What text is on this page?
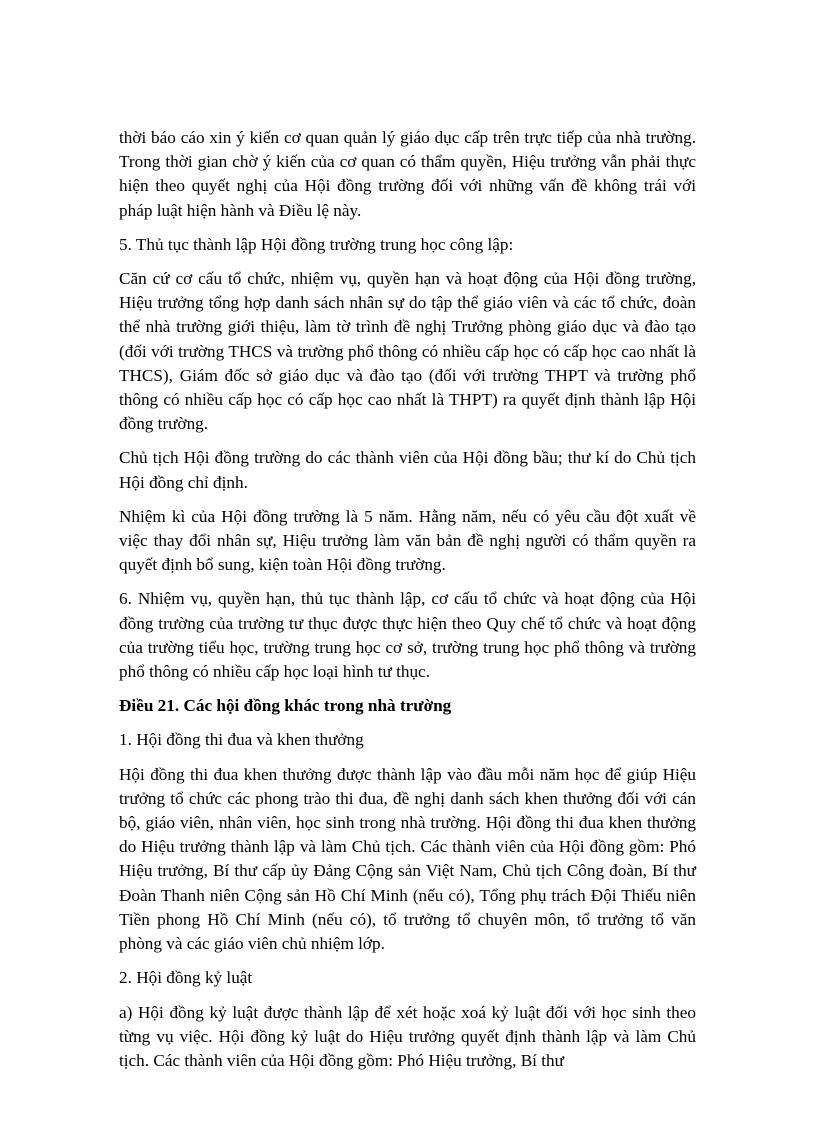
thời báo cáo xin ý kiến cơ quan quản lý giáo dục cấp trên trực tiếp của nhà trường. Trong thời gian chờ ý kiến của cơ quan có thẩm quyền, Hiệu trưởng vẫn phải thực hiện theo quyết nghị của Hội đồng trường đối với những vấn đề không trái với pháp luật hiện hành và Điều lệ này.

5. Thủ tục thành lập Hội đồng trường trung học công lập:

Căn cứ cơ cấu tổ chức, nhiệm vụ, quyền hạn và hoạt động của Hội đồng trường, Hiệu trưởng tổng hợp danh sách nhân sự do tập thể giáo viên và các tổ chức, đoàn thể nhà trường giới thiệu, làm tờ trình đề nghị Trưởng phòng giáo dục và đào tạo (đối với trường THCS và trường phổ thông có nhiều cấp học có cấp học cao nhất là THCS), Giám đốc sở giáo dục và đào tạo (đối với trường THPT và trường phổ thông có nhiều cấp học có cấp học cao nhất là THPT) ra quyết định thành lập Hội đồng trường.

Chủ tịch Hội đồng trường do các thành viên của Hội đồng bầu; thư kí do Chủ tịch Hội đồng chỉ định.

Nhiệm kì của Hội đồng trường là 5 năm. Hằng năm, nếu có yêu cầu đột xuất về việc thay đổi nhân sự, Hiệu trưởng làm văn bản đề nghị người có thẩm quyền ra quyết định bổ sung, kiện toàn Hội đồng trường.

6. Nhiệm vụ, quyền hạn, thủ tục thành lập, cơ cấu tổ chức và hoạt động của Hội đồng trường của trường tư thục được thực hiện theo Quy chế tổ chức và hoạt động của trường tiểu học, trường trung học cơ sở, trường trung học phổ thông và trường phổ thông có nhiều cấp học loại hình tư thục.

Điều 21. Các hội đồng khác trong nhà trường

1. Hội đồng thi đua và khen thưởng

Hội đồng thi đua khen thưởng được thành lập vào đầu mỗi năm học để giúp Hiệu trưởng tổ chức các phong trào thi đua, đề nghị danh sách khen thưởng đối với cán bộ, giáo viên, nhân viên, học sinh trong nhà trường. Hội đồng thi đua khen thưởng do Hiệu trưởng thành lập và làm Chủ tịch. Các thành viên của Hội đồng gồm: Phó Hiệu trưởng, Bí thư cấp ủy Đảng Cộng sản Việt Nam, Chủ tịch Công đoàn, Bí thư Đoàn Thanh niên Cộng sản Hồ Chí Minh (nếu có), Tổng phụ trách Đội Thiếu niên Tiền phong Hồ Chí Minh (nếu có), tổ trưởng tổ chuyên môn, tổ trưởng tổ văn phòng và các giáo viên chủ nhiệm lớp.

2. Hội đồng kỷ luật

a) Hội đồng kỷ luật được thành lập để xét hoặc xoá kỷ luật đối với học sinh theo từng vụ việc. Hội đồng kỷ luật do Hiệu trưởng quyết định thành lập và làm Chủ tịch. Các thành viên của Hội đồng gồm: Phó Hiệu trưởng, Bí thư
